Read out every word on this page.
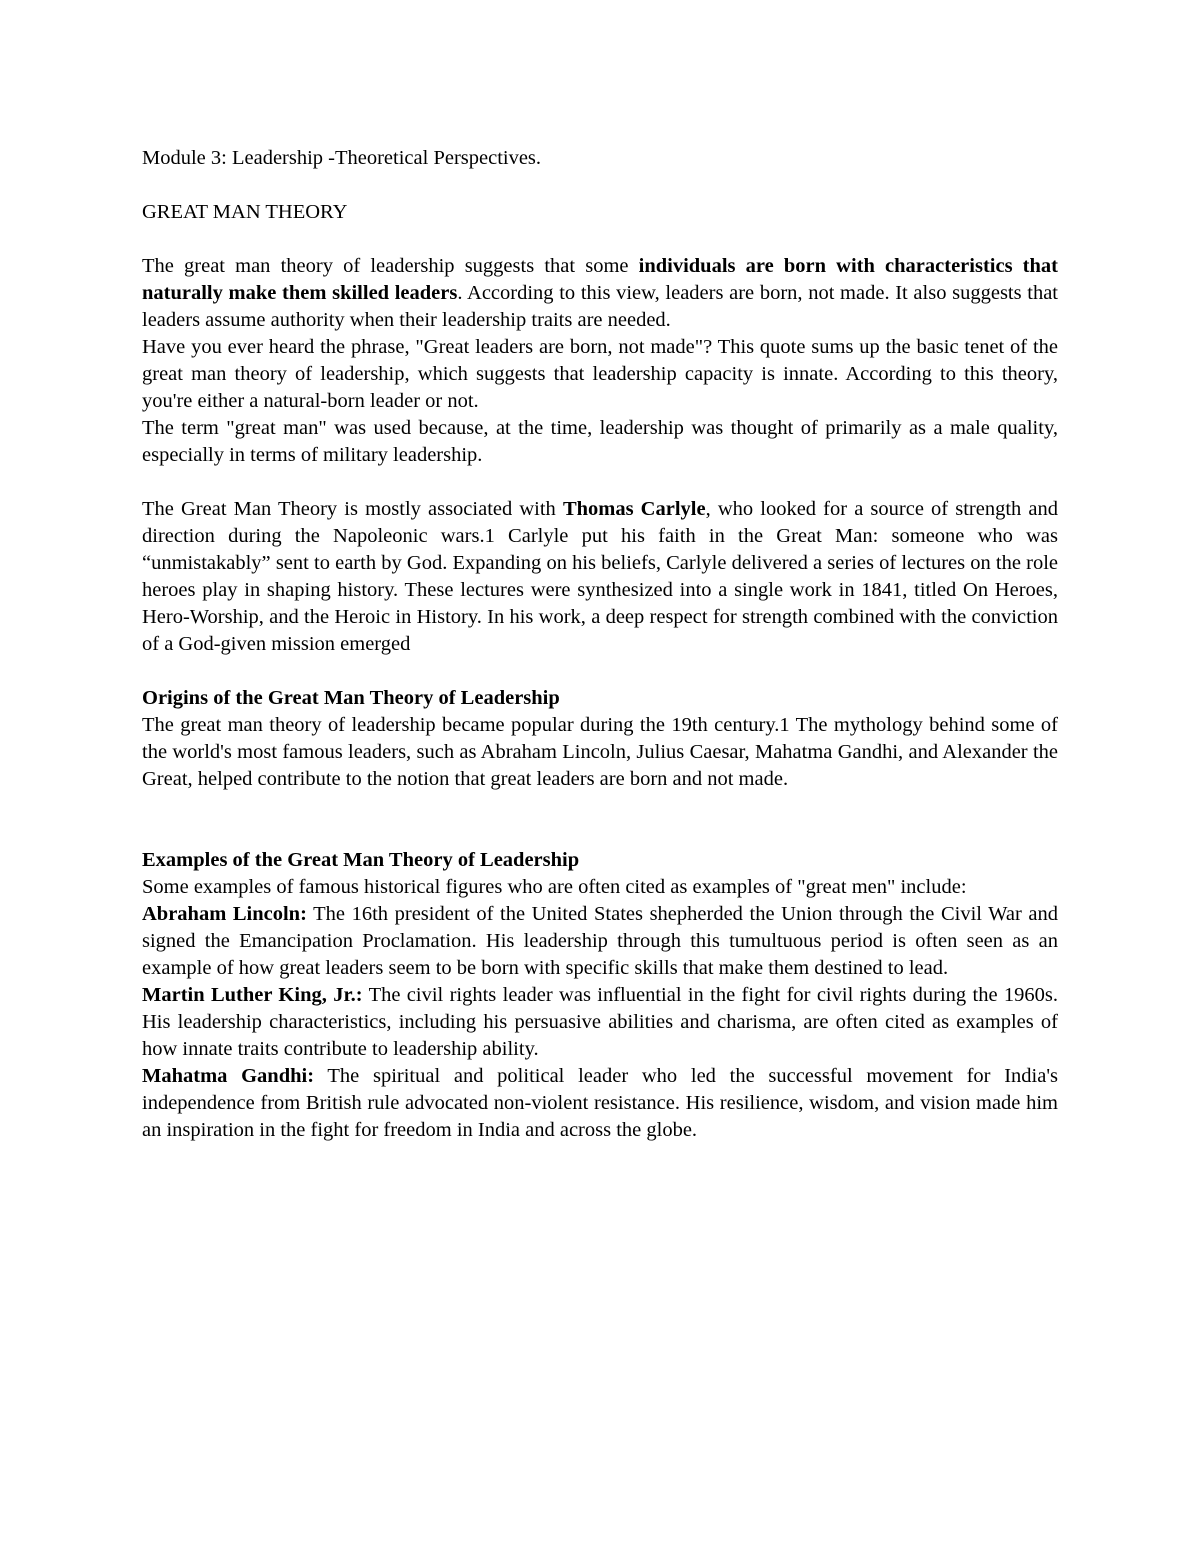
Module 3: Leadership -Theoretical Perspectives.

GREAT MAN THEORY

The great man theory of leadership suggests that some individuals are born with characteristics that naturally make them skilled leaders. According to this view, leaders are born, not made. It also suggests that leaders assume authority when their leadership traits are needed.

Have you ever heard the phrase, "Great leaders are born, not made"? This quote sums up the basic tenet of the great man theory of leadership, which suggests that leadership capacity is innate. According to this theory, you're either a natural-born leader or not.

The term "great man" was used because, at the time, leadership was thought of primarily as a male quality, especially in terms of military leadership.

The Great Man Theory is mostly associated with Thomas Carlyle, who looked for a source of strength and direction during the Napoleonic wars.1 Carlyle put his faith in the Great Man: someone who was “unmistakably” sent to earth by God. Expanding on his beliefs, Carlyle delivered a series of lectures on the role heroes play in shaping history. These lectures were synthesized into a single work in 1841, titled On Heroes, Hero-Worship, and the Heroic in History. In his work, a deep respect for strength combined with the conviction of a God-given mission emerged

Origins of the Great Man Theory of Leadership

The great man theory of leadership became popular during the 19th century.1 The mythology behind some of the world's most famous leaders, such as Abraham Lincoln, Julius Caesar, Mahatma Gandhi, and Alexander the Great, helped contribute to the notion that great leaders are born and not made.

Examples of the Great Man Theory of Leadership

Some examples of famous historical figures who are often cited as examples of "great men" include:

Abraham Lincoln: The 16th president of the United States shepherded the Union through the Civil War and signed the Emancipation Proclamation. His leadership through this tumultuous period is often seen as an example of how great leaders seem to be born with specific skills that make them destined to lead.

Martin Luther King, Jr.: The civil rights leader was influential in the fight for civil rights during the 1960s. His leadership characteristics, including his persuasive abilities and charisma, are often cited as examples of how innate traits contribute to leadership ability.

Mahatma Gandhi: The spiritual and political leader who led the successful movement for India's independence from British rule advocated non-violent resistance. His resilience, wisdom, and vision made him an inspiration in the fight for freedom in India and across the globe.
